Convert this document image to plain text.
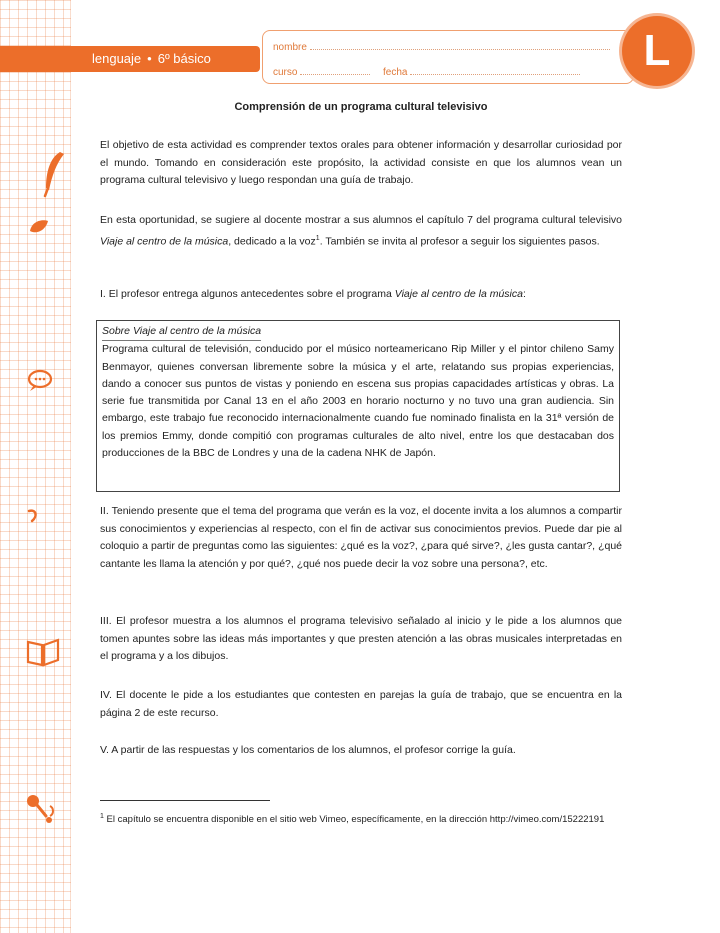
lenguaje • 6º básico
nombre
curso	fecha	L
Comprensión de un programa cultural televisivo
El objetivo de esta actividad es comprender textos orales para obtener información y desarrollar curiosidad por el mundo. Tomando en consideración este propósito, la actividad consiste en que los alumnos vean un programa cultural televisivo y luego respondan una guía de trabajo.
En esta oportunidad, se sugiere al docente mostrar a sus alumnos el capítulo 7 del programa cultural televisivo Viaje al centro de la música, dedicado a la voz$^1$. También se invita al profesor a seguir los siguientes pasos.
I. El profesor entrega algunos antecedentes sobre el programa Viaje al centro de la música:
Sobre Viaje al centro de la música
Programa cultural de televisión, conducido por el músico norteamericano Rip Miller y el pintor chileno Samy Benmayor, quienes conversan libremente sobre la música y el arte, relatando sus propias experiencias, dando a conocer sus puntos de vistas y poniendo en escena sus propias capacidades artísticas y obras. La serie fue transmitida por Canal 13 en el año 2003 en horario nocturno y no tuvo una gran audiencia. Sin embargo, este trabajo fue reconocido internacionalmente cuando fue nominado finalista en la 31ª versión de los premios Emmy, donde compitió con programas culturales de alto nivel, entre los que destacaban dos producciones de la BBC de Londres y una de la cadena NHK de Japón.
II. Teniendo presente que el tema del programa que verán es la voz, el docente invita a los alumnos a compartir sus conocimientos y experiencias al respecto, con el fin de activar sus conocimientos previos. Puede dar pie al coloquio a partir de preguntas como las siguientes: ¿qué es la voz?, ¿para qué sirve?, ¿les gusta cantar?, ¿qué cantante les llama la atención y por qué?, ¿qué nos puede decir la voz sobre una persona?, etc.
III. El profesor muestra a los alumnos el programa televisivo señalado al inicio y le pide a los alumnos que tomen apuntes sobre las ideas más importantes y que presten atención a las obras musicales interpretadas en el programa y a los dibujos.
IV. El docente le pide a los estudiantes que contesten en parejas la guía de trabajo, que se encuentra en la página 2 de este recurso.
V. A partir de las respuestas y los comentarios de los alumnos, el profesor corrige la guía.
$^1$ El capítulo se encuentra disponible en el sitio web Vimeo, específicamente, en la dirección http://vimeo.com/15222191
